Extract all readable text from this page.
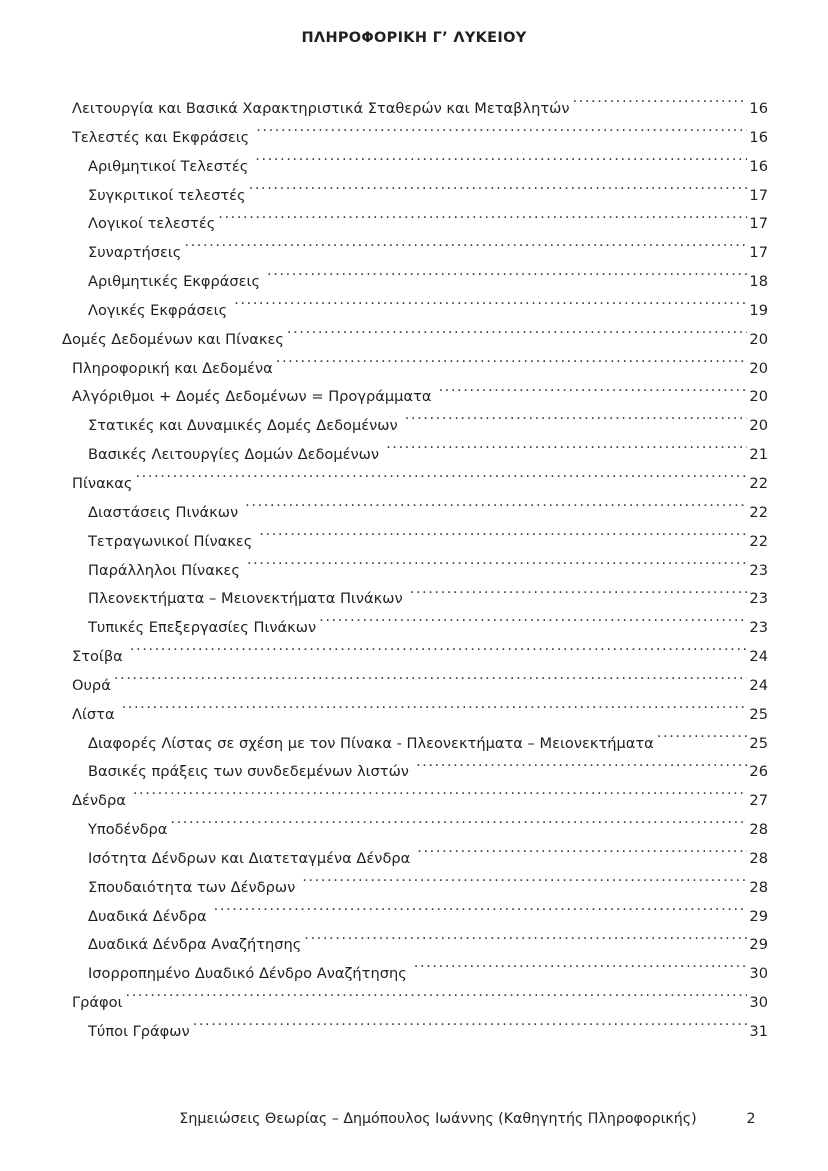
ΠΛΗΡΟΦΟΡΙΚΗ Γ’ ΛΥΚΕΙΟΥ
Λειτουργία και Βασικά Χαρακτηριστικά Σταθερών και Μεταβλητών .....	16
Τελεστές και Εκφράσεις .....	16
Αριθμητικοί Τελεστές .....	16
Συγκριτικοί τελεστές .....	17
Λογικοί τελεστές .....	17
Συναρτήσεις .....	17
Αριθμητικές Εκφράσεις .....	18
Λογικές Εκφράσεις .....	19
Δομές Δεδομένων και Πίνακες .....	20
Πληροφορική και Δεδομένα .....	20
Αλγόριθμοι + Δομές Δεδομένων = Προγράμματα .....	20
Στατικές και Δυναμικές Δομές Δεδομένων .....	20
Βασικές Λειτουργίες Δομών Δεδομένων .....	21
Πίνακας .....	22
Διαστάσεις Πινάκων .....	22
Τετραγωνικοί Πίνακες .....	22
Παράλληλοι Πίνακες .....	23
Πλεονεκτήματα – Μειονεκτήματα Πινάκων .....	23
Τυπικές Επεξεργασίες Πινάκων .....	23
Στοίβα .....	24
Ουρά .....	24
Λίστα .....	25
Διαφορές Λίστας σε σχέση με τον Πίνακα - Πλεονεκτήματα – Μειονεκτήματα .....	25
Βασικές πράξεις των συνδεδεμένων λιστών .....	26
Δένδρα .....	27
Υποδένδρα .....	28
Ισότητα Δένδρων και Διατεταγμένα Δένδρα .....	28
Σπουδαιότητα των Δένδρων .....	28
Δυαδικά Δένδρα .....	29
Δυαδικά Δένδρα Αναζήτησης .....	29
Ισορροπημένο Δυαδικό Δένδρο Αναζήτησης .....	30
Γράφοι .....	30
Τύποι Γράφων .....	31
Σημειώσεις Θεωρίας – Δημόπουλος Ιωάννης (Καθηγητής Πληροφορικής)	2
